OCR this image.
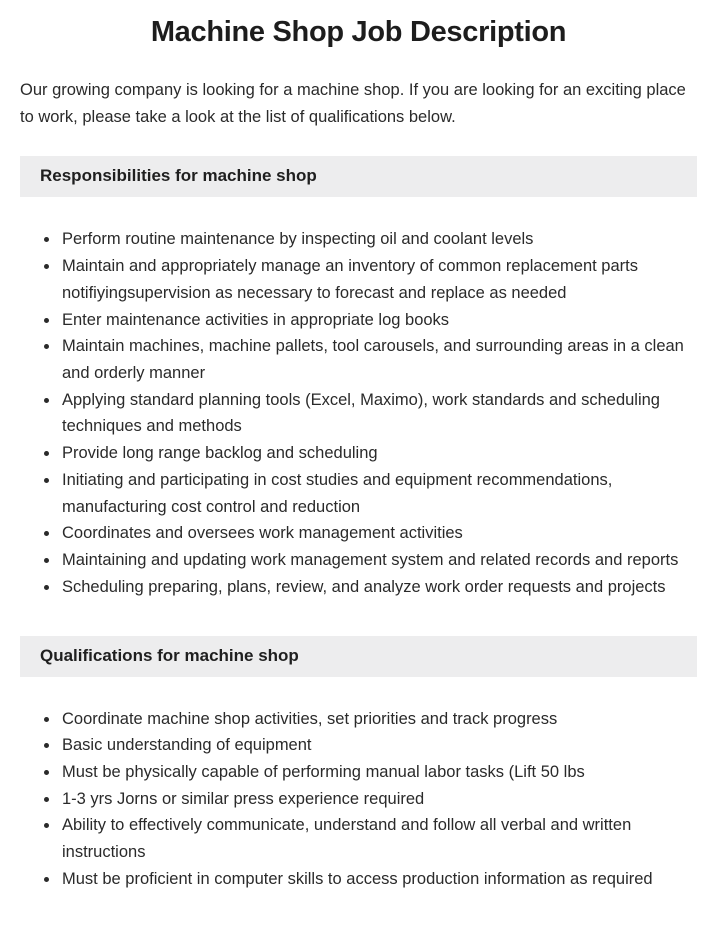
Machine Shop Job Description

Our growing company is looking for a machine shop. If you are looking for an exciting place to work, please take a look at the list of qualifications below.

Responsibilities for machine shop
• Perform routine maintenance by inspecting oil and coolant levels
• Maintain and appropriately manage an inventory of common replacement parts notifiyingsupervision as necessary to forecast and replace as needed
• Enter maintenance activities in appropriate log books
• Maintain machines, machine pallets, tool carousels, and surrounding areas in a clean and orderly manner
• Applying standard planning tools (Excel, Maximo), work standards and scheduling techniques and methods
• Provide long range backlog and scheduling
• Initiating and participating in cost studies and equipment recommendations, manufacturing cost control and reduction
• Coordinates and oversees work management activities
• Maintaining and updating work management system and related records and reports
• Scheduling preparing, plans, review, and analyze work order requests and projects
Qualifications for machine shop
• Coordinate machine shop activities, set priorities and track progress
• Basic understanding of equipment
• Must be physically capable of performing manual labor tasks (Lift 50 lbs
• 1-3 yrs Jorns or similar press experience required
• Ability to effectively communicate, understand and follow all verbal and written instructions
• Must be proficient in computer skills to access production information as required
